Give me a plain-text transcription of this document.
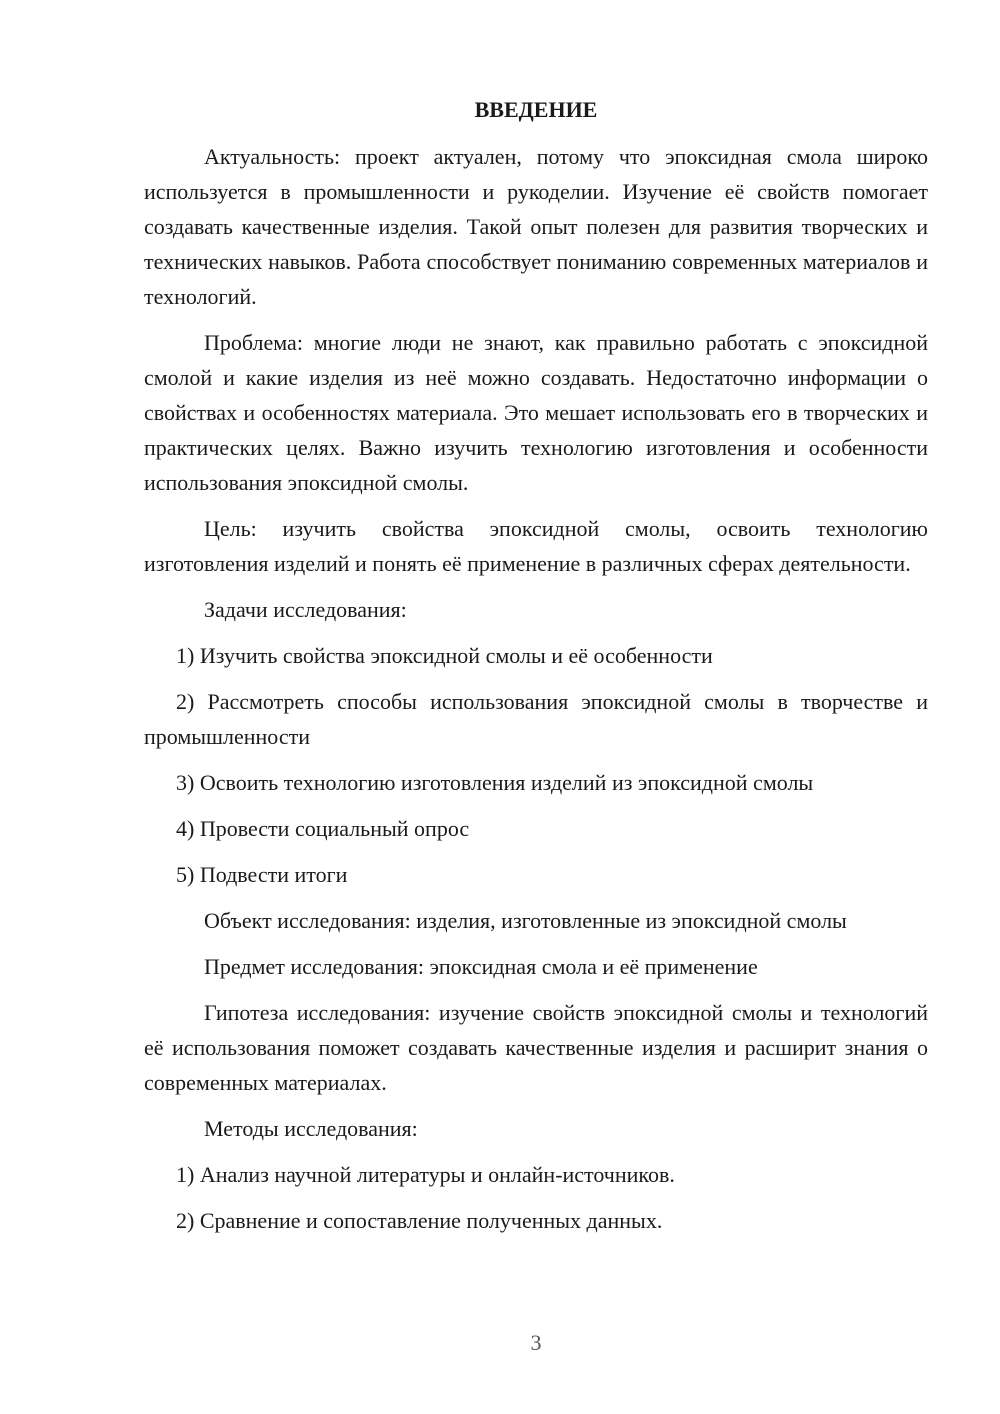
ВВЕДЕНИЕ

Актуальность: проект актуален, потому что эпоксидная смола широко используется в промышленности и рукоделии. Изучение её свойств помогает создавать качественные изделия. Такой опыт полезен для развития творческих и технических навыков. Работа способствует пониманию современных материалов и технологий.

Проблема: многие люди не знают, как правильно работать с эпоксидной смолой и какие изделия из неё можно создавать. Недостаточно информации о свойствах и особенностях материала. Это мешает использовать его в творческих и практических целях. Важно изучить технологию изготовления и особенности использования эпоксидной смолы.

Цель: изучить свойства эпоксидной смолы, освоить технологию изготовления изделий и понять её применение в различных сферах деятельности.

Задачи исследования:

1) Изучить свойства эпоксидной смолы и её особенности

2) Рассмотреть способы использования эпоксидной смолы в творчестве и промышленности

3) Освоить технологию изготовления изделий из эпоксидной смолы

4) Провести социальный опрос

5) Подвести итоги

Объект исследования: изделия, изготовленные из эпоксидной смолы

Предмет исследования: эпоксидная смола и её применение

Гипотеза исследования: изучение свойств эпоксидной смолы и технологий её использования поможет создавать качественные изделия и расширит знания о современных материалах.

Методы исследования:

1) Анализ научной литературы и онлайн-источников.

2) Сравнение и сопоставление полученных данных.

3
